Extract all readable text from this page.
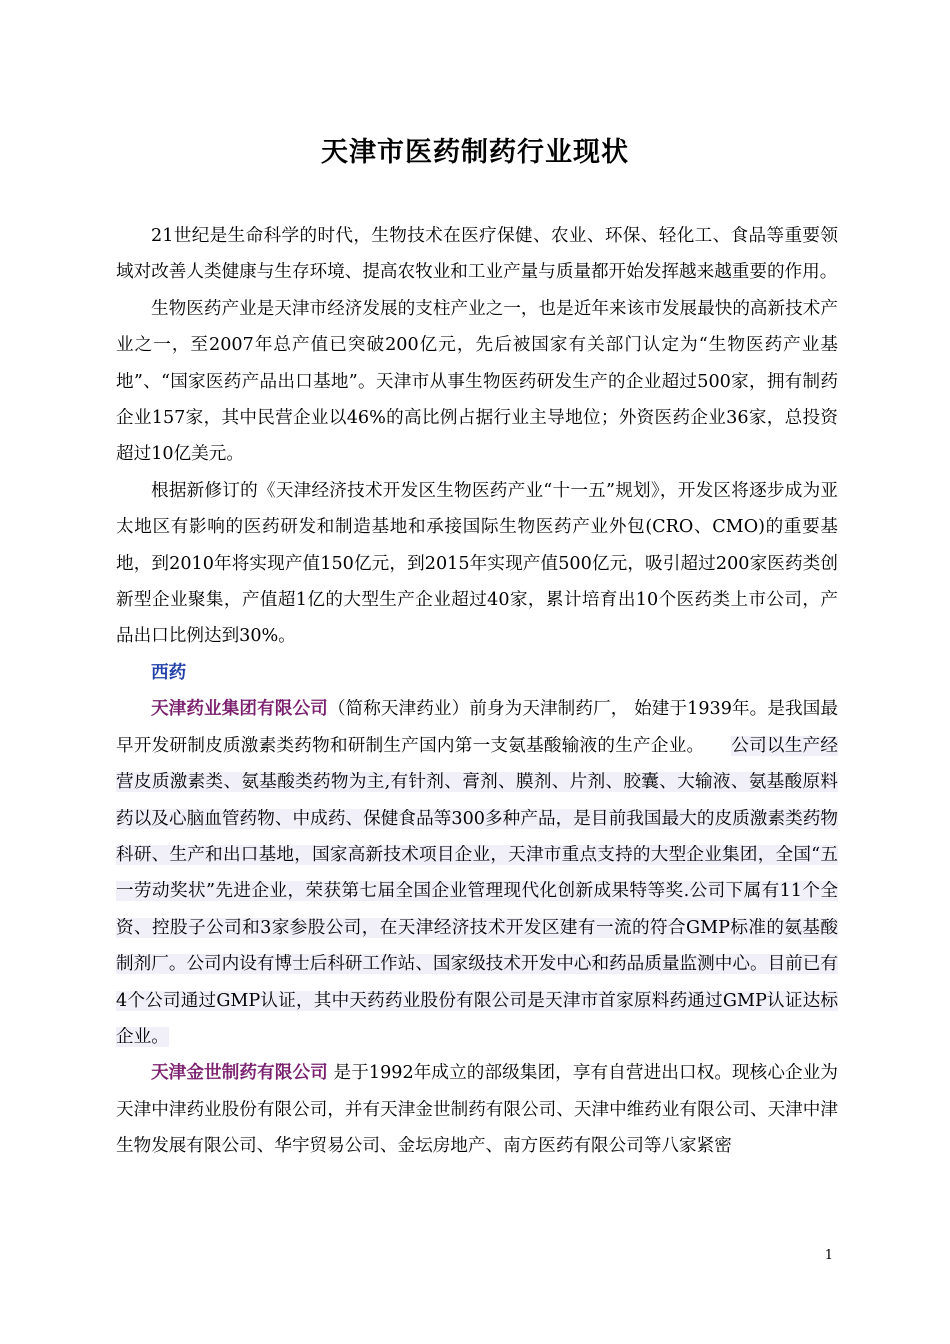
天津市医药制药行业现状

21世纪是生命科学的时代，生物技术在医疗保健、农业、环保、轻化工、食品等重要领域对改善人类健康与生存环境、提高农牧业和工业产量与质量都开始发挥越来越重要的作用。

生物医药产业是天津市经济发展的支柱产业之一，也是近年来该市发展最快的高新技术产业之一，至2007年总产值已突破200亿元，先后被国家有关部门认定为“生物医药产业基地”、“国家医药产品出口基地”。天津市从事生物医药研发生产的企业超过500家，拥有制药企业157家，其中民营企业以46%的高比例占据行业主导地位；外资医药企业36家，总投资超过10亿美元。

根据新修订的《天津经济技术开发区生物医药产业“十一五”规划》，开发区将逐步成为亚太地区有影响的医药研发和制造基地和承接国际生物医药产业外包(CRO、CMO)的重要基地，到2010年将实现产值150亿元，到2015年实现产值500亿元，吸引超过200家医药类创新型企业聚集，产值超1亿的大型生产企业超过40家，累计培育出10个医药类上市公司，产品出口比例达到30%。

西药

天津药业集团有限公司（简称天津药业）前身为天津制药厂， 始建于1939年。是我国最早开发研制皮质激素类药物和研制生产国内第一支氨基酸输液的生产企业。　　公司以生产经营皮质激素类、氨基酸类药物为主,有针剂、膏剂、膜剂、片剂、胶囊、大输液、氨基酸原料药以及心脑血管药物、中成药、保健食品等300多种产品，是目前我国最大的皮质激素类药物科研、生产和出口基地，国家高新技术项目企业，天津市重点支持的大型企业集团，全国“五一劳动奖状”先进企业，荣获第七届全国企业管理现代化创新成果特等奖.公司下属有11个全资、控股子公司和3家参股公司，在天津经济技术开发区建有一流的符合GMP标准的氨基酸制剂厂。公司内设有博士后科研工作站、国家级技术开发中心和药品质量监测中心。目前已有4个公司通过GMP认证，其中天药药业股份有限公司是天津市首家原料药通过GMP认证达标企业。

天津金世制药有限公司 是于1992年成立的部级集团，享有自营进出口权。现核心企业为天津中津药业股份有限公司，并有天津金世制药有限公司、天津中维药业有限公司、天津中津生物发展有限公司、华宇贸易公司、金坛房地产、南方医药有限公司等八家紧密

1
